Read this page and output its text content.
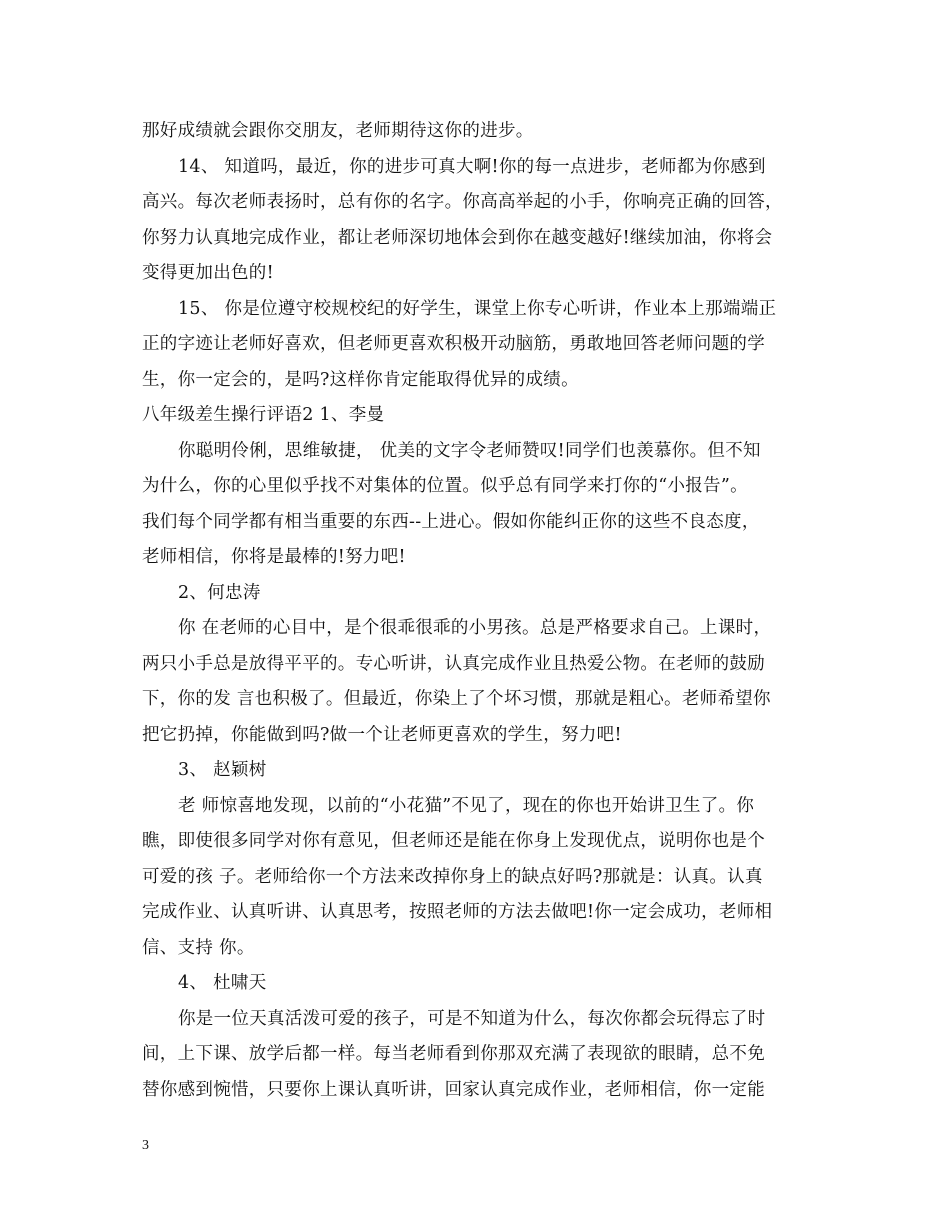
那好成绩就会跟你交朋友，老师期待这你的进步。
14、 知道吗，最近，你的进步可真大啊!你的每一点进步，老师都为你感到
高兴。每次老师表扬时，总有你的名字。你高高举起的小手，你响亮正确的回答，
你努力认真地完成作业，都让老师深切地体会到你在越变越好!继续加油，你将会
变得更加出色的!
15、 你是位遵守校规校纪的好学生，课堂上你专心听讲，作业本上那端端正
正的字迹让老师好喜欢，但老师更喜欢积极开动脑筋，勇敢地回答老师问题的学
生，你一定会的，是吗?这样你肯定能取得优异的成绩。
八年级差生操行评语2 1、李曼
你聪明伶俐，思维敏捷， 优美的文字令老师赞叹!同学们也羡慕你。但不知
为什么，你的心里似乎找不对集体的位置。似乎总有同学来打你的“小报告”。
我们每个同学都有相当重要的东西--上进心。假如你能纠正你的这些不良态度，
老师相信，你将是最棒的!努力吧!
2、何忠涛
你 在老师的心目中，是个很乖很乖的小男孩。总是严格要求自己。上课时，
两只小手总是放得平平的。专心听讲，认真完成作业且热爱公物。在老师的鼓励
下，你的发 言也积极了。但最近，你染上了个坏习惯，那就是粗心。老师希望你
把它扔掉，你能做到吗?做一个让老师更喜欢的学生，努力吧!
3、 赵颖树
老 师惊喜地发现，以前的“小花猫”不见了，现在的你也开始讲卫生了。你
瞧，即使很多同学对你有意见，但老师还是能在你身上发现优点，说明你也是个
可爱的孩 子。老师给你一个方法来改掉你身上的缺点好吗?那就是：认真。认真
完成作业、认真听讲、认真思考，按照老师的方法去做吧!你一定会成功，老师相
信、支持 你。
4、 杜啸天
你是一位天真活泼可爱的孩子，可是不知道为什么，每次你都会玩得忘了时
间，上下课、放学后都一样。每当老师看到你那双充满了表现欲的眼睛，总不免
替你感到惋惜，只要你上课认真听讲，回家认真完成作业，老师相信，你一定能
3
